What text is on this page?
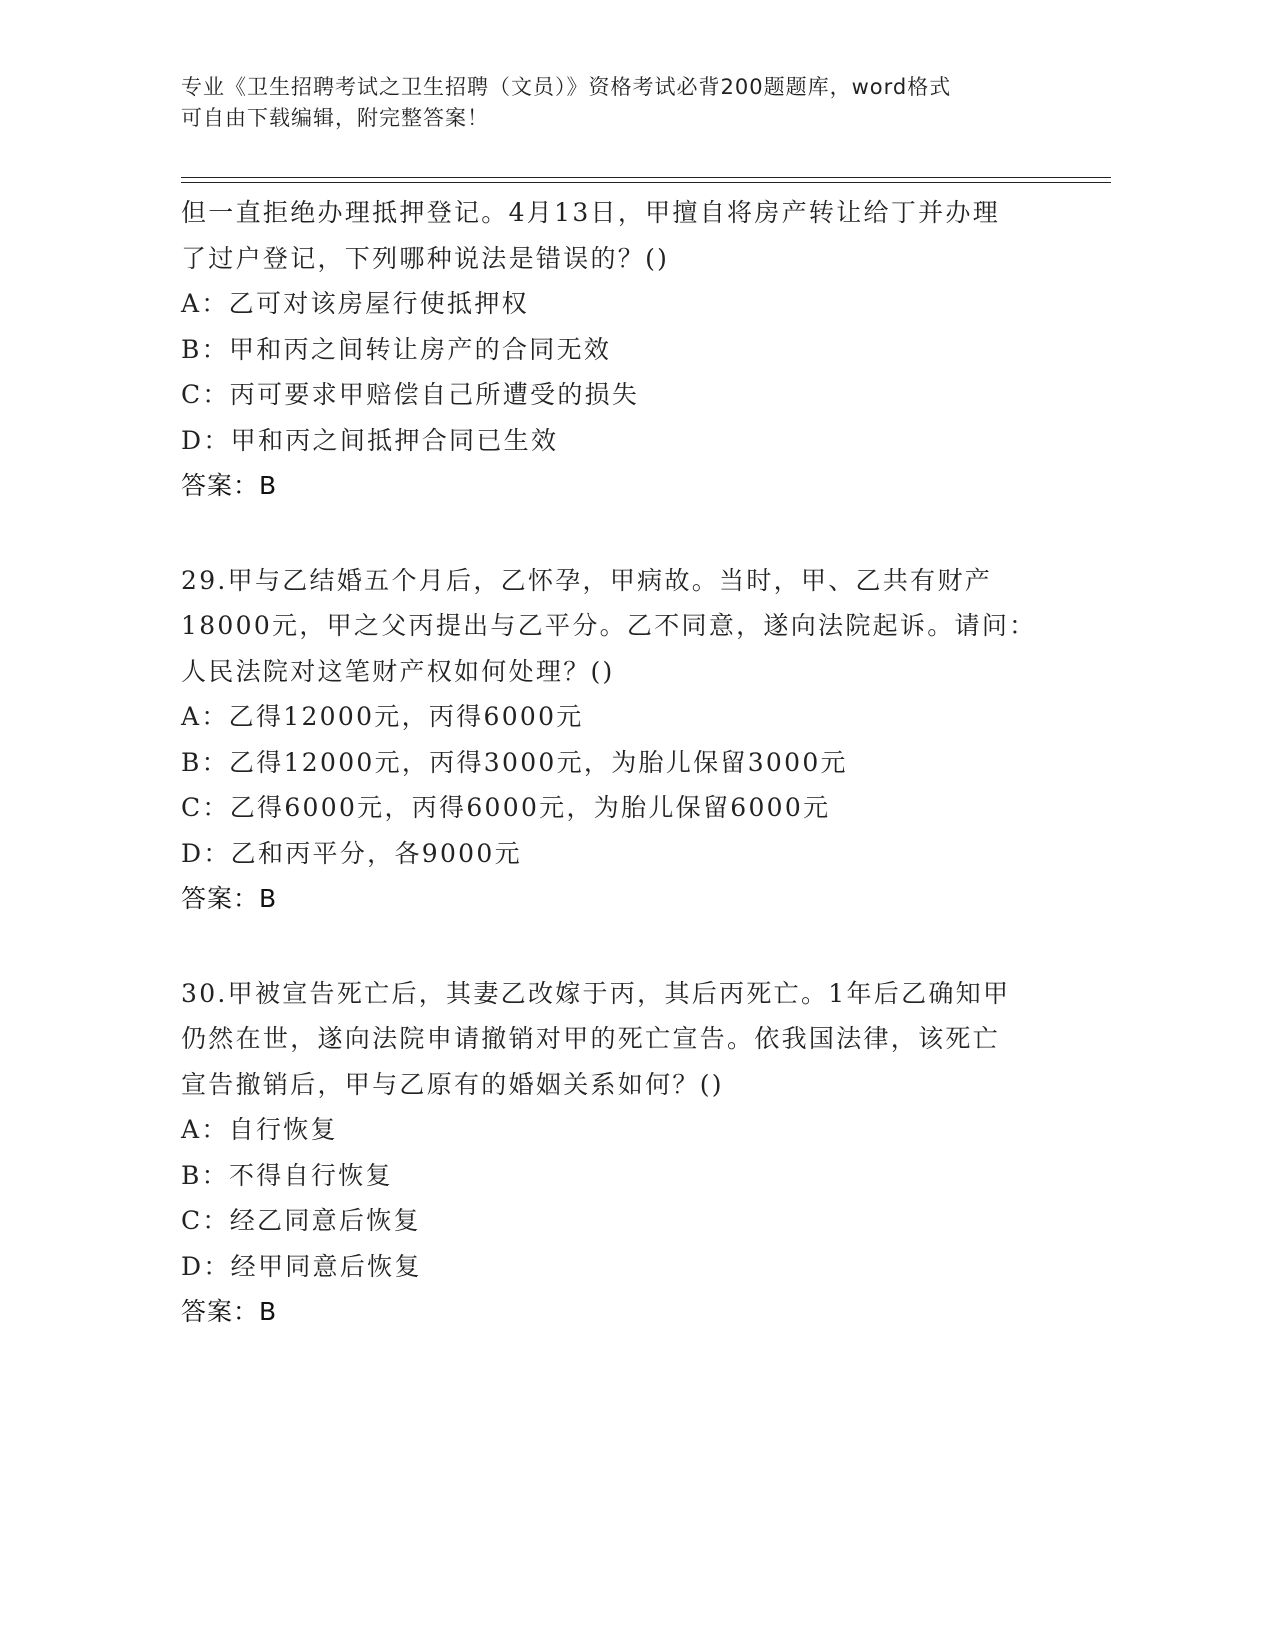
专业《卫生招聘考试之卫生招聘（文员）》资格考试必背200题题库，word格式
可自由下载编辑，附完整答案！
但一直拒绝办理抵押登记。4月13日，甲擅自将房产转让给丁并办理
了过户登记，下列哪种说法是错误的？()
A：乙可对该房屋行使抵押权
B：甲和丙之间转让房产的合同无效
C：丙可要求甲赔偿自己所遭受的损失
D：甲和丙之间抵押合同已生效
答案：B
29.甲与乙结婚五个月后，乙怀孕，甲病故。当时，甲、乙共有财产
18000元，甲之父丙提出与乙平分。乙不同意，遂向法院起诉。请问：
人民法院对这笔财产权如何处理？()
A：乙得12000元，丙得6000元
B：乙得12000元，丙得3000元，为胎儿保留3000元
C：乙得6000元，丙得6000元，为胎儿保留6000元
D：乙和丙平分，各9000元
答案：B
30.甲被宣告死亡后，其妻乙改嫁于丙，其后丙死亡。1年后乙确知甲
仍然在世，遂向法院申请撤销对甲的死亡宣告。依我国法律，该死亡
宣告撤销后，甲与乙原有的婚姻关系如何？()
A：自行恢复
B：不得自行恢复
C：经乙同意后恢复
D：经甲同意后恢复
答案：B
